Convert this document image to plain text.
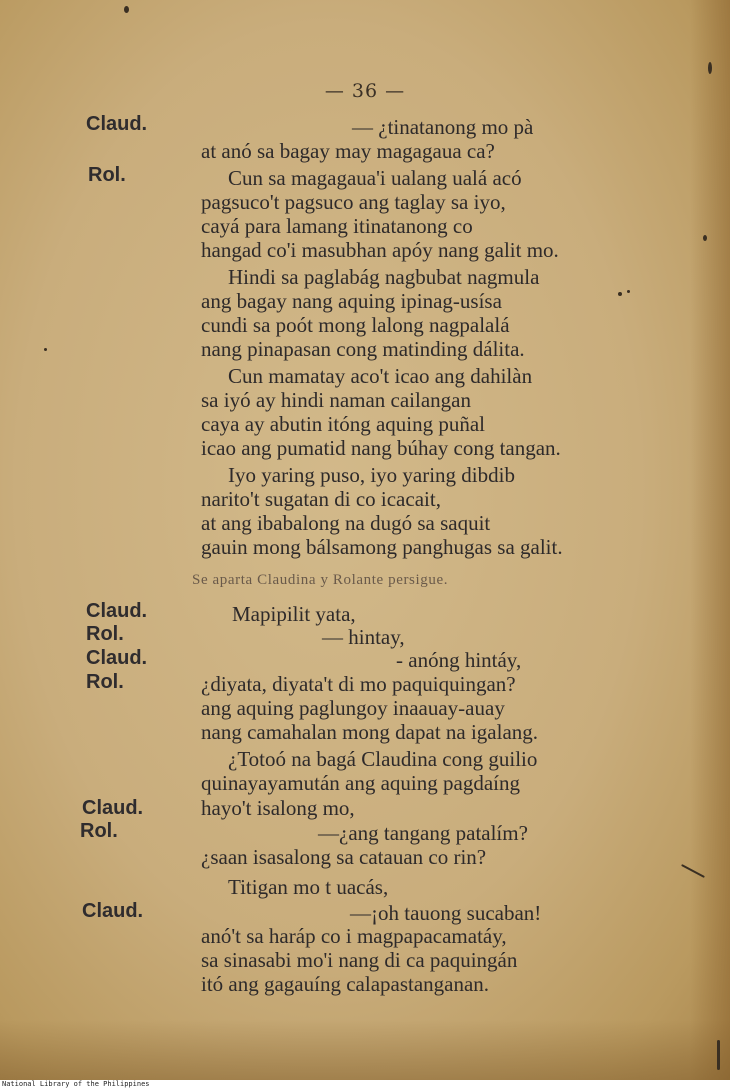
— 36 —
Claud.
Rol.
Claud.
Rol.
Claud.
Rol.
Claud.
Rol.
Claud.
— ¿tinatanong mo pà
at anó sa bagay may magagaua ca?
Cun sa magagaua'i ualang ualá acó
pagsuco't pagsuco ang taglay sa iyo,
cayá para lamang itinatanong co
hangad co'i masubhan apóy nang galit mo.
Hindi sa paglabág nagbubat nagmula
ang bagay nang aquing ipinag-usísa
cundi sa poót mong lalong nagpalalá
nang pinapasan cong matinding dálita.
Cun mamatay aco't icao ang dahilàn
sa iyó ay hindi naman cailangan
caya ay abutin itóng aquing puñal
icao ang pumatid nang búhay cong tangan.
Iyo yaring puso, iyo yaring dibdib
narito't sugatan di co icacait,
at ang ibabalong na dugó sa saquit
gauin mong bálsamong panghugas sa galit.
Se aparta Claudina y Rolante persigue.
Mapipilit yata,
— hintay,
- anóng hintáy,
¿diyata, diyata't di mo paquiquingan?
ang aquing paglungoy inaauay-auay
nang camahalan mong dapat na igalang.
¿Totoó na bagá Claudina cong guilio
quinayayamután ang aquing pagdaíng
hayo't isalong mo,
—¿ang tangang patalím?
¿saan isasalong sa catauan co rin?
Titigan mo t uacás,
—¡oh tauong sucaban!
anó't sa haráp co i magpapacamatáy,
sa sinasabi mo'i nang di ca paquingán
itó ang gagauíng calapastanganan.
National Library of the Philippines
